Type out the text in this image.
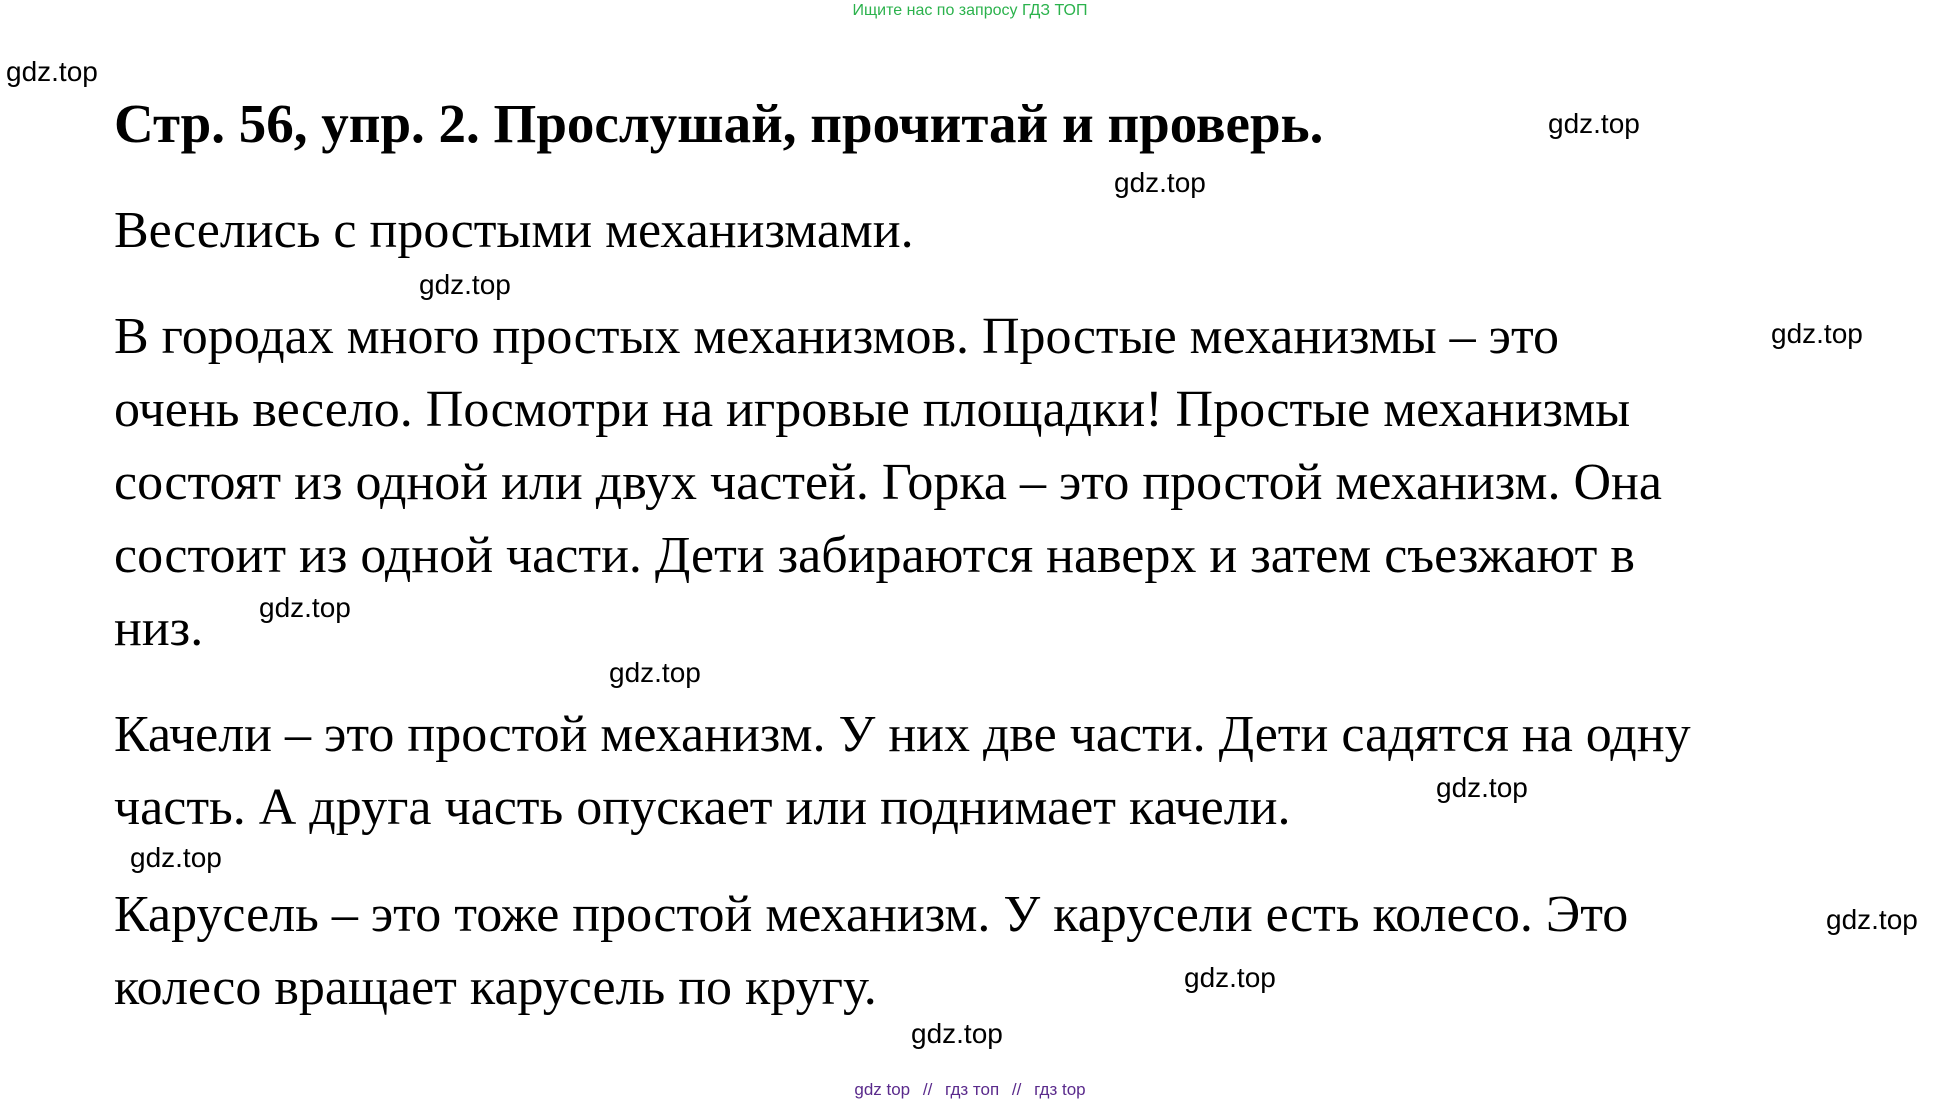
Ищите нас по запросу ГДЗ ТОП
gdz.top
gdz.top
gdz.top
gdz.top
gdz.top
gdz.top
gdz.top
gdz.top
gdz.top
gdz.top
gdz.top
gdz.top
Стр. 56, упр. 2. Прослушай, прочитай и проверь.
Веселись с простыми механизмами.
В городах много простых механизмов. Простые механизмы – это
очень весело. Посмотри на игровые площадки! Простые механизмы
состоят из одной или двух частей. Горка – это простой механизм. Она
состоит из одной части. Дети забираются наверх и затем съезжают в
низ.
Качели – это простой механизм. У них две части. Дети садятся на одну
часть. А друга часть опускает или поднимает качели.
Карусель – это тоже простой механизм. У карусели есть колесо. Это
колесо вращает карусель по кругу.
gdz top // гдз топ // гдз top
